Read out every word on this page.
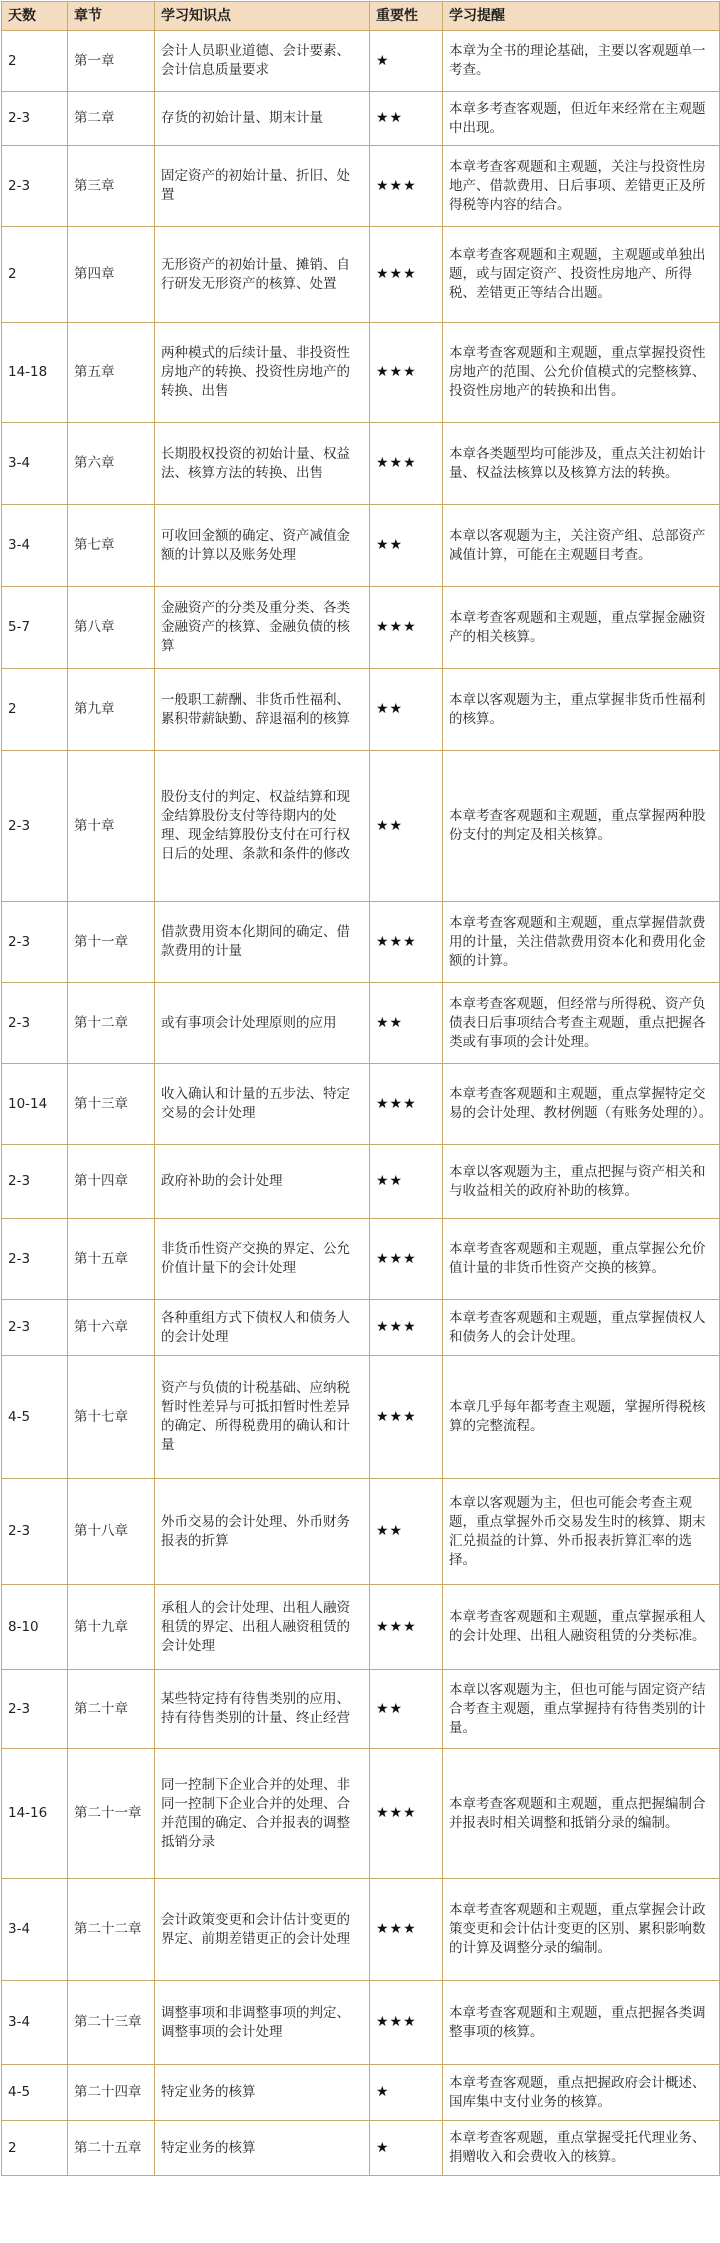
天数	章节	学习知识点	重要性	学习提醒
2	第一章	会计人员职业道德、会计要素、会计信息质量要求	★	本章为全书的理论基础，主要以客观题单一考查。
2-3	第二章	存货的初始计量、期末计量	★★	本章多考查客观题，但近年来经常在主观题中出现。
2-3	第三章	固定资产的初始计量、折旧、处置	★★★	本章考查客观题和主观题，关注与投资性房地产、借款费用、日后事项、差错更正及所得税等内容的结合。
2	第四章	无形资产的初始计量、摊销、自行研发无形资产的核算、处置	★★★	本章考查客观题和主观题，主观题或单独出题，或与固定资产、投资性房地产、所得税、差错更正等结合出题。
14-18	第五章	两种模式的后续计量、非投资性房地产的转换、投资性房地产的转换、出售	★★★	本章考查客观题和主观题，重点掌握投资性房地产的范围、公允价值模式的完整核算、投资性房地产的转换和出售。
3-4	第六章	长期股权投资的初始计量、权益法、核算方法的转换、出售	★★★	本章各类题型均可能涉及，重点关注初始计量、权益法核算以及核算方法的转换。
3-4	第七章	可收回金额的确定、资产减值金额的计算以及账务处理	★★	本章以客观题为主，关注资产组、总部资产减值计算，可能在主观题目考查。
5-7	第八章	金融资产的分类及重分类、各类金融资产的核算、金融负债的核算	★★★	本章考查客观题和主观题，重点掌握金融资产的相关核算。
2	第九章	一般职工薪酬、非货币性福利、累积带薪缺勤、辞退福利的核算	★★	本章以客观题为主，重点掌握非货币性福利的核算。
2-3	第十章	股份支付的判定、权益结算和现金结算股份支付等待期内的处理、现金结算股份支付在可行权日后的处理、条款和条件的修改	★★	本章考查客观题和主观题，重点掌握两种股份支付的判定及相关核算。
2-3	第十一章	借款费用资本化期间的确定、借款费用的计量	★★★	本章考查客观题和主观题，重点掌握借款费用的计量，关注借款费用资本化和费用化金额的计算。
2-3	第十二章	或有事项会计处理原则的应用	★★	本章考查客观题，但经常与所得税、资产负债表日后事项结合考查主观题，重点把握各类或有事项的会计处理。
10-14	第十三章	收入确认和计量的五步法、特定交易的会计处理	★★★	本章考查客观题和主观题，重点掌握特定交易的会计处理、教材例题（有账务处理的）。
2-3	第十四章	政府补助的会计处理	★★	本章以客观题为主，重点把握与资产相关和与收益相关的政府补助的核算。
2-3	第十五章	非货币性资产交换的界定、公允价值计量下的会计处理	★★★	本章考查客观题和主观题，重点掌握公允价值计量的非货币性资产交换的核算。
2-3	第十六章	各种重组方式下债权人和债务人的会计处理	★★★	本章考查客观题和主观题，重点掌握债权人和债务人的会计处理。
4-5	第十七章	资产与负债的计税基础、应纳税暂时性差异与可抵扣暂时性差异的确定、所得税费用的确认和计量	★★★	本章几乎每年都考查主观题，掌握所得税核算的完整流程。
2-3	第十八章	外币交易的会计处理、外币财务报表的折算	★★	本章以客观题为主，但也可能会考查主观题，重点掌握外币交易发生时的核算、期末汇兑损益的计算、外币报表折算汇率的选择。
8-10	第十九章	承租人的会计处理、出租人融资租赁的界定、出租人融资租赁的会计处理	★★★	本章考查客观题和主观题，重点掌握承租人的会计处理、出租人融资租赁的分类标准。
2-3	第二十章	某些特定持有待售类别的应用、持有待售类别的计量、终止经营	★★	本章以客观题为主，但也可能与固定资产结合考查主观题，重点掌握持有待售类别的计量。
14-16	第二十一章	同一控制下企业合并的处理、非同一控制下企业合并的处理、合并范围的确定、合并报表的调整抵销分录	★★★	本章考查客观题和主观题，重点把握编制合并报表时相关调整和抵销分录的编制。
3-4	第二十二章	会计政策变更和会计估计变更的界定、前期差错更正的会计处理	★★★	本章考查客观题和主观题，重点掌握会计政策变更和会计估计变更的区别、累积影响数的计算及调整分录的编制。
3-4	第二十三章	调整事项和非调整事项的判定、调整事项的会计处理	★★★	本章考查客观题和主观题，重点把握各类调整事项的核算。
4-5	第二十四章	特定业务的核算	★	本章考查客观题，重点把握政府会计概述、国库集中支付业务的核算。
2	第二十五章	特定业务的核算	★	本章考查客观题，重点掌握受托代理业务、捐赠收入和会费收入的核算。
